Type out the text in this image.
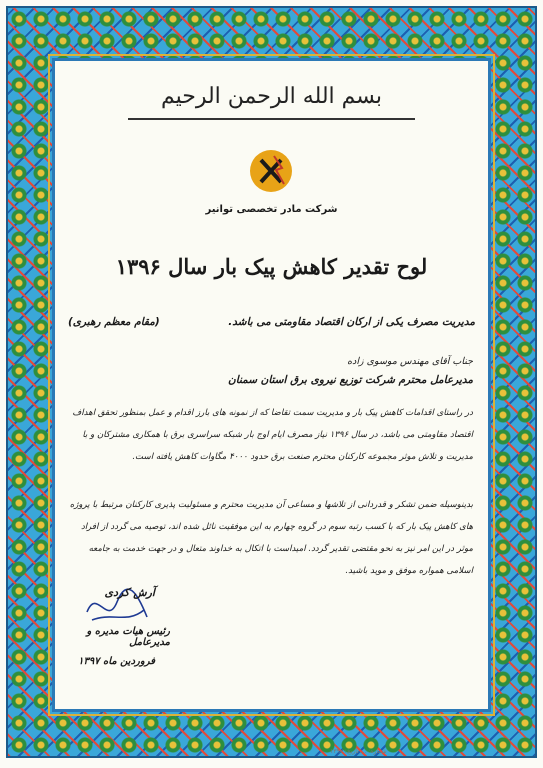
بسم الله الرحمن الرحیم
شرکت مادر تخصصی توانیر
لوح تقدیر کاهش پیک بار سال ۱۳۹۶
مدیریت مصرف یکی از ارکان اقتصاد مقاومتی می باشد.
(مقام معظم رهبری)
جناب آقای مهندس موسوی زاده
مدیرعامل محترم شرکت توزیع نیروی برق استان سمنان
در راستای اقدامات کاهش پیک بار و مدیریت سمت تقاضا که از نمونه های بارز اقدام و عمل بمنظور تحقق اهداف اقتصاد مقاومتی می باشد، در سال ۱۳۹۶ نیاز مصرف ایام اوج بار شبکه سراسری برق با همکاری مشترکان و با مدیریت و تلاش موثر مجموعه کارکنان محترم صنعت برق حدود ۴۰۰۰ مگاوات کاهش یافته است.
بدینوسیله ضمن تشکر و قدردانی از تلاشها و مساعی آن مدیریت محترم و مسئولیت پذیری کارکنان مرتبط با پروژه های کاهش پیک بار که با کسب رتبه سوم در گروه چهارم به این موفقیت نائل شده اند، توصیه می گردد از افراد موثر در این امر نیز به نحو مقتضی تقدیر گردد. امیداست با اتکال به خداوند متعال و در جهت خدمت به جامعه اسلامی همواره موفق و موید باشید.
آرش کردی
رئیس هیات مدیره و مدیرعامل
فروردین ماه ۱۳۹۷
شماره: ... تاریخ: ۱۳۹۷
